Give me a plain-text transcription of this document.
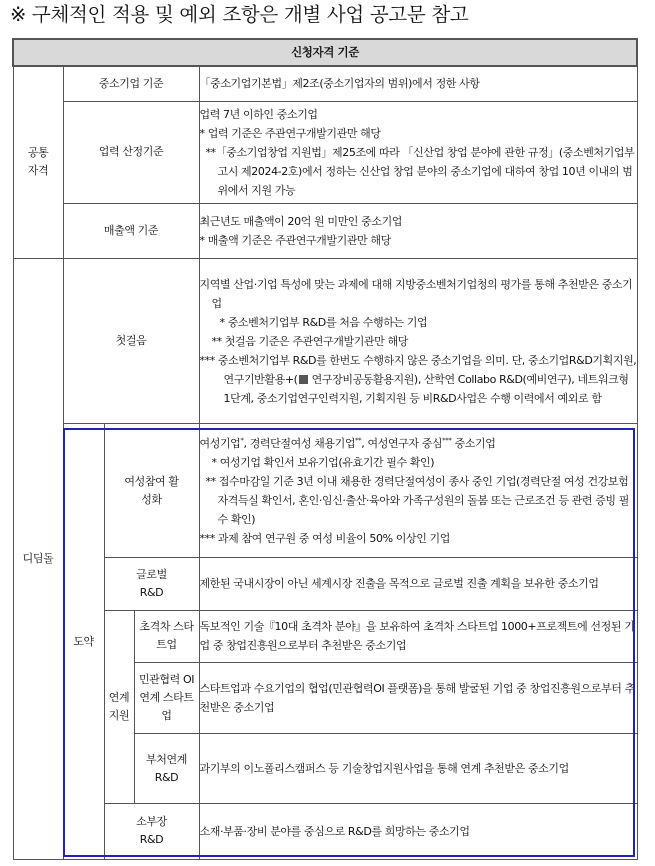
※ 구체적인 적용 및 예외 조항은 개별 사업 공고문 참고
신청자격 기준				
공통 자격	중소기업 기준			「중소기업기본법」제2조(중소기업자의 범위)에서 정한 사항
	업력 산정기준			업력 7년 이하인 중소기업
* 업력 기준은 주관연구개발기관만 해당
**「중소기업창업 지원법」제25조에 따라 「신산업 창업 분야에 관한 규정」(중소벤처기업부고시 제2024-2호)에서 정하는 신산업 창업 분야의 중소기업에 대하여 창업 10년 이내의 범위에서 지원 가능

	매출액 기준			최근년도 매출액이 20억 원 미만인 중소기업
* 매출액 기준은 주관연구개발기관만 해당

디딤돌	첫걸음			지역별 산업·기업 특성에 맞는 과제에 대해 지방중소벤처기업청의 평가를 통해 추천받은 중소기업
* 중소벤처기업부 R&D를 처음 수행하는 기업
** 첫걸음 기준은 주관연구개발기관만 해당
*** 중소벤처기업부 R&D를 한번도 수행하지 않은 중소기업을 의미. 단, 중소기업R&D기획지원, 연구기반활용+( 연구장비공동활용지원), 산학연 Collabo R&D(예비연구), 네트워크형 1단계, 중소기업연구인력지원, 기획지원 등 비R&D사업은 수행 이력에서 예외로 함

	도약	여성참여 활성화		여성기업*, 경력단절여성 채용기업**, 여성연구자 중심*** 중소기업
* 여성기업 확인서 보유기업(유효기간 필수 확인)
** 접수마감일 기준 3년 이내 채용한 경력단절여성이 종사 중인 기업(경력단절 여성 건강보험 자격득실 확인서, 혼인·임신·출산·육아와 가족구성원의 돌봄 또는 근로조건 등 관련 증빙 필수 확인)
*** 과제 참여 연구원 중 여성 비율이 50% 이상인 기업

		글로벌 R&D		제한된 국내시장이 아닌 세계시장 진출을 목적으로 글로벌 진출 계획을 보유한 중소기업
		연계 지원	초격차 스타트업	독보적인 기술『10대 초격차 분야』을 보유하여 초격차 스타트업 1000+프로젝트에 선정된 기업 중 창업진흥원으로부터 추천받은 중소기업
			민관협력 OI연계 스타트업	스타트업과 수요기업의 협업(민관협력OI 플랫폼)을 통해 발굴된 기업 중 창업진흥원으로부터 추천받은 중소기업
			부처연계 R&D	과기부의 이노폴리스캠퍼스 등 기술창업지원사업을 통해 연계 추천받은 중소기업
		소부장 R&D		소재·부품·장비 분야를 중심으로 R&D를 희망하는 중소기업
